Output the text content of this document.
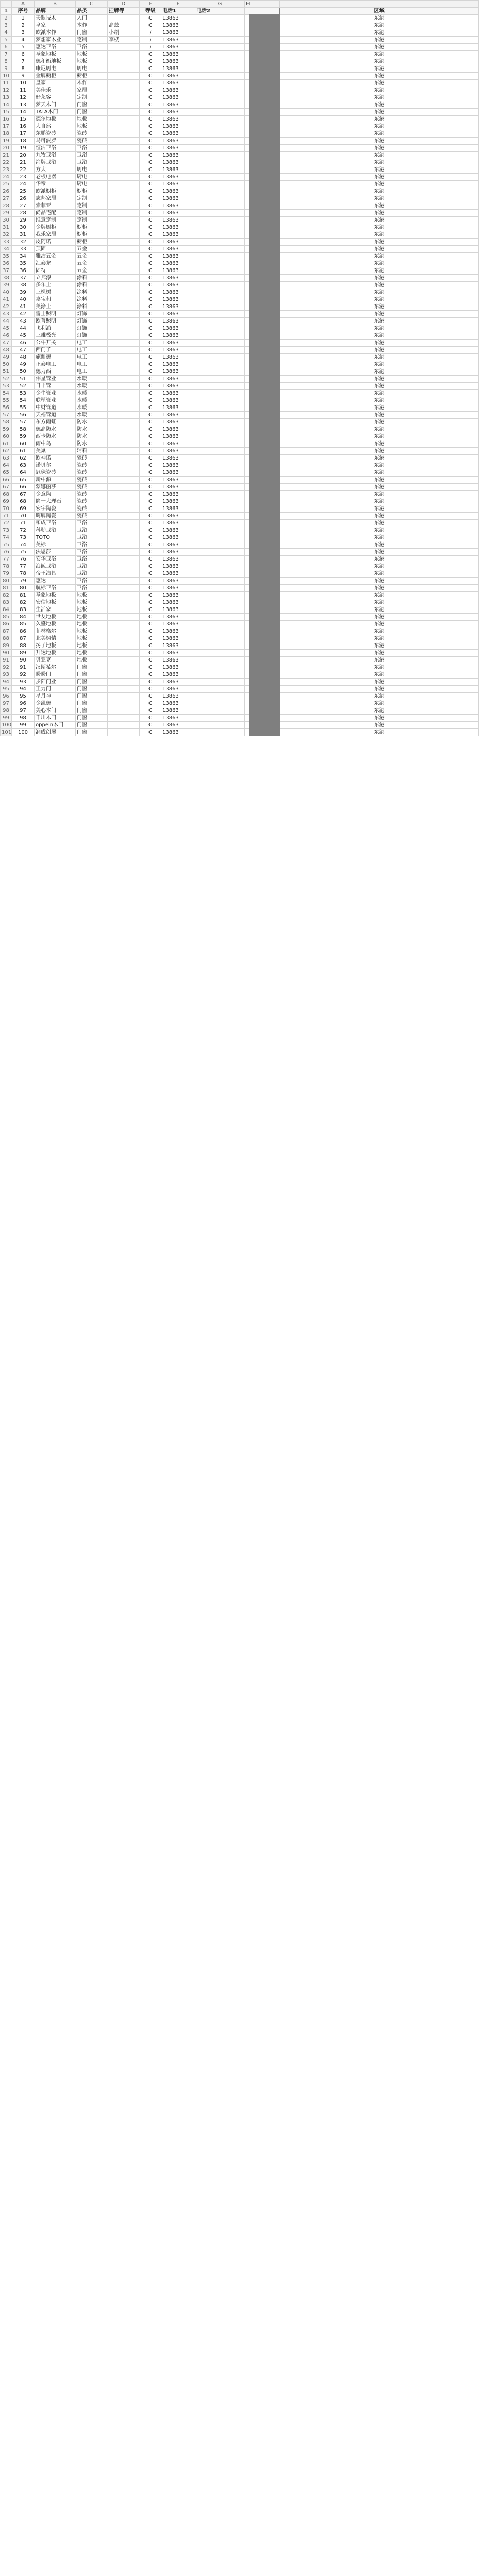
	A	B	C	D	E	F	G	H		I	
1	序号	品牌	品类	挂牌等	等级	电话1	电话2			区域	
2	1	天眼技术	入门		C	13863				东港	
3	2	皇家	木作	高兹	C	13863				东港	
4	3	欧派木作	门窗	小胡	/	13863				东港	
5	4	梦想家木业	定制	李楼	/	13863				东港	
6	5	惠达卫浴	卫浴		/	13863				东港	
7	6	圣象地板	地板		C	13863				东港	
8	7	德和衡地板	地板		C	13863				东港	
9	8	康尼厨电	厨电		C	13863				东港	
10	9	金牌橱柜	橱柜		C	13863				东港	
11	10	皇家	木作		C	13863				东港	
12	11	美佳乐	家居		C	13863				东港	
13	12	好莱客	定制		C	13863				东港	
14	13	梦天木门	门窗		C	13863				东港	
15	14	TATA木门	门窗		C	13863				东港	
16	15	德尔地板	地板		C	13863				东港	
17	16	大自然	地板		C	13863				东港	
18	17	东鹏瓷砖	瓷砖		C	13863				东港	
19	18	马可波罗	瓷砖		C	13863				东港	
20	19	恒洁卫浴	卫浴		C	13863				东港	
21	20	九牧卫浴	卫浴		C	13863				东港	
22	21	箭牌卫浴	卫浴		C	13863				东港	
23	22	方太	厨电		C	13863				东港	
24	23	老板电器	厨电		C	13863				东港	
25	24	华帝	厨电		C	13863				东港	
26	25	欧派橱柜	橱柜		C	13863				东港	
27	26	志邦家居	定制		C	13863				东港	
28	27	索菲亚	定制		C	13863				东港	
29	28	尚品宅配	定制		C	13863				东港	
30	29	维意定制	定制		C	13863				东港	
31	30	金牌厨柜	橱柜		C	13863				东港	
32	31	我乐家居	橱柜		C	13863				东港	
33	32	皮阿诺	橱柜		C	13863				东港	
34	33	顶固	五金		C	13863				东港	
35	34	雅洁五金	五金		C	13863				东港	
36	35	汇泰龙	五金		C	13863				东港	
37	36	固特	五金		C	13863				东港	
38	37	立邦漆	涂料		C	13863				东港	
39	38	多乐士	涂料		C	13863				东港	
40	39	三棵树	涂料		C	13863				东港	
41	40	嘉宝莉	涂料		C	13863				东港	
42	41	美涂士	涂料		C	13863				东港	
43	42	雷士照明	灯饰		C	13863				东港	
44	43	欧普照明	灯饰		C	13863				东港	
45	44	飞利浦	灯饰		C	13863				东港	
46	45	三雄极光	灯饰		C	13863				东港	
47	46	公牛开关	电工		C	13863				东港	
48	47	西门子	电工		C	13863				东港	
49	48	施耐德	电工		C	13863				东港	
50	49	正泰电工	电工		C	13863				东港	
51	50	德力西	电工		C	13863				东港	
52	51	伟星管业	水暖		C	13863				东港	
53	52	日丰管	水暖		C	13863				东港	
54	53	金牛管业	水暖		C	13863				东港	
55	54	联塑管业	水暖		C	13863				东港	
56	55	中财管道	水暖		C	13863				东港	
57	56	天福管道	水暖		C	13863				东港	
58	57	东方雨虹	防水		C	13863				东港	
59	58	德高防水	防水		C	13863				东港	
60	59	西卡防水	防水		C	13863				东港	
61	60	雨中鸟	防水		C	13863				东港	
62	61	美巢	辅料		C	13863				东港	
63	62	欧神诺	瓷砖		C	13863				东港	
64	63	诺贝尔	瓷砖		C	13863				东港	
65	64	冠珠瓷砖	瓷砖		C	13863				东港	
66	65	新中源	瓷砖		C	13863				东港	
67	66	蒙娜丽莎	瓷砖		C	13863				东港	
68	67	金意陶	瓷砖		C	13863				东港	
69	68	简一大理石	瓷砖		C	13863				东港	
70	69	宏宇陶瓷	瓷砖		C	13863				东港	
71	70	鹰牌陶瓷	瓷砖		C	13863				东港	
72	71	和成卫浴	卫浴		C	13863				东港	
73	72	科勒卫浴	卫浴		C	13863				东港	
74	73	TOTO	卫浴		C	13863				东港	
75	74	美标	卫浴		C	13863				东港	
76	75	法恩莎	卫浴		C	13863				东港	
77	76	安华卫浴	卫浴		C	13863				东港	
78	77	浪鲸卫浴	卫浴		C	13863				东港	
79	78	帝王洁具	卫浴		C	13863				东港	
80	79	惠达	卫浴		C	13863				东港	
81	80	航标卫浴	卫浴		C	13863				东港	
82	81	圣象地板	地板		C	13863				东港	
83	82	安信地板	地板		C	13863				东港	
84	83	生活家	地板		C	13863				东港	
85	84	世友地板	地板		C	13863				东港	
86	85	久盛地板	地板		C	13863				东港	
87	86	菲林格尔	地板		C	13863				东港	
88	87	北美枫情	地板		C	13863				东港	
89	88	扬子地板	地板		C	13863				东港	
90	89	升达地板	地板		C	13863				东港	
91	90	贝亚克	地板		C	13863				东港	
92	91	汉斯希尔	门窗		C	13863				东港	
93	92	盼盼门	门窗		C	13863				东港	
94	93	步阳门业	门窗		C	13863				东港	
95	94	王力门	门窗		C	13863				东港	
96	95	星月神	门窗		C	13863				东港	
97	96	金凯德	门窗		C	13863				东港	
98	97	美心木门	门窗		C	13863				东港	
99	98	千川木门	门窗		C	13863				东港	
100	99	oppein木门	门窗		C	13863				东港	
101	100	润成创展	门窗		C	13863				东港	
